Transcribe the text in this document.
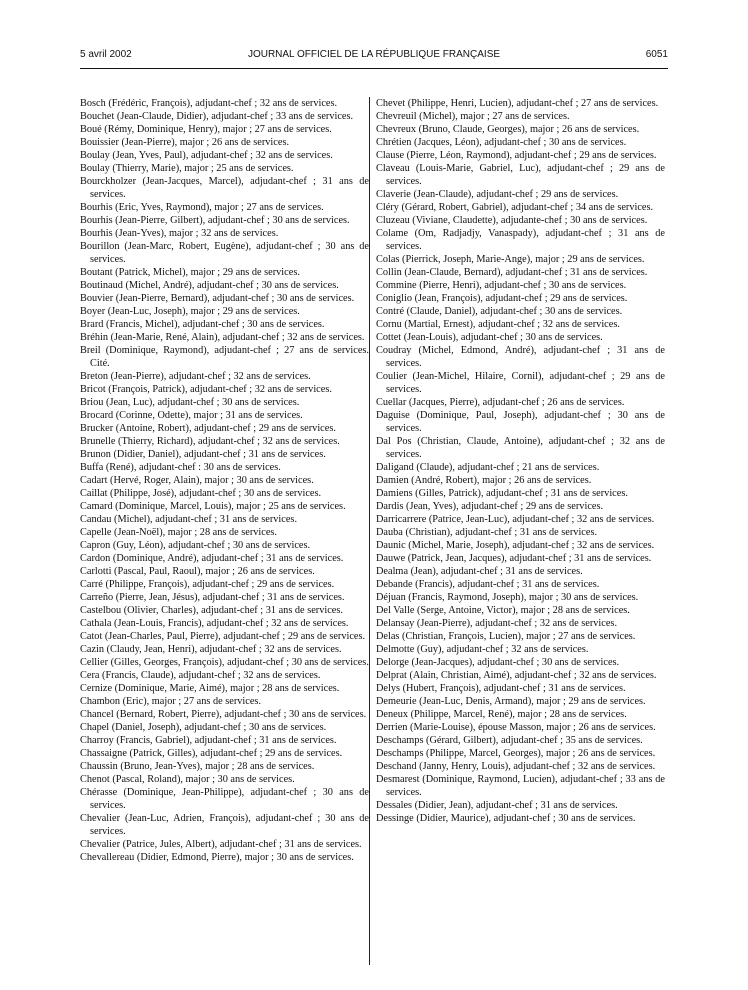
5 avril 2002	JOURNAL OFFICIEL DE LA RÉPUBLIQUE FRANÇAISE	6051

Bosch (Frédéric, François), adjudant-chef ; 32 ans de services.

Bouchet (Jean-Claude, Didier), adjudant-chef ; 33 ans de services.

Boué (Rémy, Dominique, Henry), major ; 27 ans de services.

Bouissier (Jean-Pierre), major ; 26 ans de services.

Boulay (Jean, Yves, Paul), adjudant-chef ; 32 ans de services.

Boulay (Thierry, Marie), major ; 25 ans de services.

Bourckholzer (Jean-Jacques, Marcel), adjudant-chef ; 31 ans de services.

Bourhis (Eric, Yves, Raymond), major ; 27 ans de services.

Bourhis (Jean-Pierre, Gilbert), adjudant-chef ; 30 ans de services.

Bourhis (Jean-Yves), major ; 32 ans de services.

Bourillon (Jean-Marc, Robert, Eugène), adjudant-chef ; 30 ans de services.

Boutant (Patrick, Michel), major ; 29 ans de services.

Boutinaud (Michel, André), adjudant-chef ; 30 ans de services.

Bouvier (Jean-Pierre, Bernard), adjudant-chef ; 30 ans de services.

Boyer (Jean-Luc, Joseph), major ; 29 ans de services.

Brard (Francis, Michel), adjudant-chef ; 30 ans de services.

Bréhin (Jean-Marie, René, Alain), adjudant-chef ; 32 ans de services.

Breil (Dominique, Raymond), adjudant-chef ; 27 ans de services. Cité.

Breton (Jean-Pierre), adjudant-chef ; 32 ans de services.

Bricot (François, Patrick), adjudant-chef ; 32 ans de services.

Briou (Jean, Luc), adjudant-chef ; 30 ans de services.

Brocard (Corinne, Odette), major ; 31 ans de services.

Brucker (Antoine, Robert), adjudant-chef ; 29 ans de services.

Brunelle (Thierry, Richard), adjudant-chef ; 32 ans de services.

Brunon (Didier, Daniel), adjudant-chef ; 31 ans de services.

Buffa (René), adjudant-chef : 30 ans de services.

Cadart (Hervé, Roger, Alain), major ; 30 ans de services.

Caillat (Philippe, José), adjudant-chef ; 30 ans de services.

Camard (Dominique, Marcel, Louis), major ; 25 ans de services.

Candau (Michel), adjudant-chef ; 31 ans de services.

Capelle (Jean-Noël), major ; 28 ans de services.

Capron (Guy, Léon), adjudant-chef ; 30 ans de services.

Cardon (Dominique, André), adjudant-chef ; 31 ans de services.

Carlotti (Pascal, Paul, Raoul), major ; 26 ans de services.

Carré (Philippe, François), adjudant-chef ; 29 ans de services.

Carreño (Pierre, Jean, Jésus), adjudant-chef ; 31 ans de services.

Castelbou (Olivier, Charles), adjudant-chef ; 31 ans de services.

Cathala (Jean-Louis, Francis), adjudant-chef ; 32 ans de services.

Catot (Jean-Charles, Paul, Pierre), adjudant-chef ; 29 ans de services.

Cazin (Claudy, Jean, Henri), adjudant-chef ; 32 ans de services.

Cellier (Gilles, Georges, François), adjudant-chef ; 30 ans de services.

Cera (Francis, Claude), adjudant-chef ; 32 ans de services.

Cernize (Dominique, Marie, Aimé), major ; 28 ans de services.

Chambon (Eric), major ; 27 ans de services.

Chancel (Bernard, Robert, Pierre), adjudant-chef ; 30 ans de services.

Chapel (Daniel, Joseph), adjudant-chef ; 30 ans de services.

Charroy (Francis, Gabriel), adjudant-chef ; 31 ans de services.

Chassaigne (Patrick, Gilles), adjudant-chef ; 29 ans de services.

Chaussin (Bruno, Jean-Yves), major ; 28 ans de services.

Chenot (Pascal, Roland), major ; 30 ans de services.

Chérasse (Dominique, Jean-Philippe), adjudant-chef ; 30 ans de services.

Chevalier (Jean-Luc, Adrien, François), adjudant-chef ; 30 ans de services.

Chevalier (Patrice, Jules, Albert), adjudant-chef ; 31 ans de services.

Chevallereau (Didier, Edmond, Pierre), major ; 30 ans de services.

Chevet (Philippe, Henri, Lucien), adjudant-chef ; 27 ans de services.

Chevreuil (Michel), major ; 27 ans de services.

Chevreux (Bruno, Claude, Georges), major ; 26 ans de services.

Chrétien (Jacques, Léon), adjudant-chef ; 30 ans de services.

Clause (Pierre, Léon, Raymond), adjudant-chef ; 29 ans de services.

Claveau (Louis-Marie, Gabriel, Luc), adjudant-chef ; 29 ans de services.

Claverie (Jean-Claude), adjudant-chef ; 29 ans de services.

Cléry (Gérard, Robert, Gabriel), adjudant-chef ; 34 ans de services.

Cluzeau (Viviane, Claudette), adjudante-chef ; 30 ans de services.

Colame (Om, Radjadjy, Vanaspady), adjudant-chef ; 31 ans de services.

Colas (Pierrick, Joseph, Marie-Ange), major ; 29 ans de services.

Collin (Jean-Claude, Bernard), adjudant-chef ; 31 ans de services.

Commine (Pierre, Henri), adjudant-chef ; 30 ans de services.

Coniglio (Jean, François), adjudant-chef ; 29 ans de services.

Contré (Claude, Daniel), adjudant-chef ; 30 ans de services.

Cornu (Martial, Ernest), adjudant-chef ; 32 ans de services.

Cottet (Jean-Louis), adjudant-chef ; 30 ans de services.

Coudray (Michel, Edmond, André), adjudant-chef ; 31 ans de services.

Coulier (Jean-Michel, Hilaire, Cornil), adjudant-chef ; 29 ans de services.

Cuellar (Jacques, Pierre), adjudant-chef ; 26 ans de services.

Daguise (Dominique, Paul, Joseph), adjudant-chef ; 30 ans de services.

Dal Pos (Christian, Claude, Antoine), adjudant-chef ; 32 ans de services.

Daligand (Claude), adjudant-chef ; 21 ans de services.

Damien (André, Robert), major ; 26 ans de services.

Damiens (Gilles, Patrick), adjudant-chef ; 31 ans de services.

Dardis (Jean, Yves), adjudant-chef ; 29 ans de services.

Darricarrere (Patrice, Jean-Luc), adjudant-chef ; 32 ans de services.

Dauba (Christian), adjudant-chef ; 31 ans de services.

Daunic (Michel, Marie, Joseph), adjudant-chef ; 32 ans de services.

Dauwe (Patrick, Jean, Jacques), adjudant-chef ; 31 ans de services.

Dealma (Jean), adjudant-chef ; 31 ans de services.

Debande (Francis), adjudant-chef ; 31 ans de services.

Déjuan (Francis, Raymond, Joseph), major ; 30 ans de services.

Del Valle (Serge, Antoine, Victor), major ; 28 ans de services.

Delansay (Jean-Pierre), adjudant-chef ; 32 ans de services.

Delas (Christian, François, Lucien), major ; 27 ans de services.

Delmotte (Guy), adjudant-chef ; 32 ans de services.

Delorge (Jean-Jacques), adjudant-chef ; 30 ans de services.

Delprat (Alain, Christian, Aimé), adjudant-chef ; 32 ans de services.

Delys (Hubert, François), adjudant-chef ; 31 ans de services.

Demeurie (Jean-Luc, Denis, Armand), major ; 29 ans de services.

Deneux (Philippe, Marcel, René), major ; 28 ans de services.

Derrien (Marie-Louise), épouse Masson, major ; 26 ans de services.

Deschamps (Gérard, Gilbert), adjudant-chef ; 35 ans de services.

Deschamps (Philippe, Marcel, Georges), major ; 26 ans de services.

Deschand (Janny, Henry, Louis), adjudant-chef ; 32 ans de services.

Desmarest (Dominique, Raymond, Lucien), adjudant-chef ; 33 ans de services.

Dessales (Didier, Jean), adjudant-chef ; 31 ans de services.

Dessinge (Didier, Maurice), adjudant-chef ; 30 ans de services.
